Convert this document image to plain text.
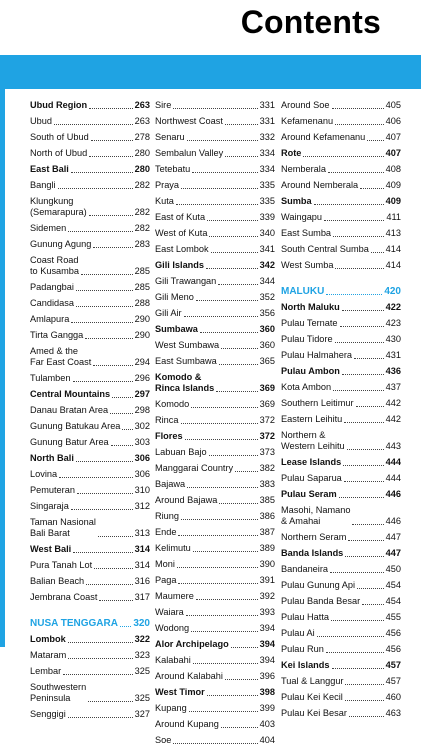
Contents
Ubud Region	263
Ubud	263
South of Ubud	278
North of Ubud	280
East Bali	280
Bangli	282
Klungkung
(Semarapura)	282
Sidemen	282
Gunung Agung	283
Coast Road
to Kusamba	285
Padangbai	285
Candidasa	288
Amlapura	290
Tirta Gangga	290
Amed & the
Far East Coast	294
Tulamben	296
Central Mountains	297
Danau Bratan Area	298
Gunung Batukau Area 302
Gunung Batur Area	303
North Bali	306
Lovina	306
Pemuteran	310
Singaraja	312
Taman Nasional
Bali Barat	313
West Bali	314
Pura Tanah Lot	314
Balian Beach	316
Jembrana Coast	317
NUSA TENGGARA 320
Lombok	322
Mataram	323
Lembar	325
Southwestern
Peninsula	325
Senggigi	327
Sire	331
Northwest Coast	331
Senaru	332
Sembalun Valley	334
Tetebatu	334
Praya	335
Kuta	335
East of Kuta	339
West of Kuta	340
East Lombok	341
Gili Islands	342
Gili Trawangan	344
Gili Meno	352
Gili Air	356
Sumbawa	360
West Sumbawa	360
East Sumbawa	365
Komodo &
Rinca Islands	369
Komodo	369
Rinca	372
Flores	372
Labuan Bajo	373
Manggarai Country	382
Bajawa	383
Around Bajawa	385
Riung	386
Ende	387
Kelimutu	389
Moni	390
Paga	391
Maumere	392
Waiara	393
Wodong	394
Alor Archipelago	394
Kalabahi	394
Around Kalabahi	396
West Timor	398
Kupang	399
Around Kupang	403
Soe	404
Around Soe	405
Kefamenanu	406
Around Kefamenanu 407
Rote	407
Nemberala	408
Around Nemberala	409
Sumba	409
Waingapu	411
East Sumba	413
South Central Sumba 414
West Sumba	414
MALUKU	420
North Maluku	422
Pulau Ternate	423
Pulau Tidore	430
Pulau Halmahera	431
Pulau Ambon	436
Kota Ambon	437
Southern Leitimur	442
Eastern Leihitu	442
Northern &
Western Leihitu	443
Lease Islands	444
Pulau Saparua	444
Pulau Seram	446
Masohi, Namano
& Amahai	446
Northern Seram	447
Banda Islands	447
Bandaneira	450
Pulau Gunung Api	454
Pulau Banda Besar	454
Pulau Hatta	455
Pulau Ai	456
Pulau Run	456
Kei Islands	457
Tual & Langgur	457
Pulau Kei Kecil	460
Pulau Kei Besar	463
